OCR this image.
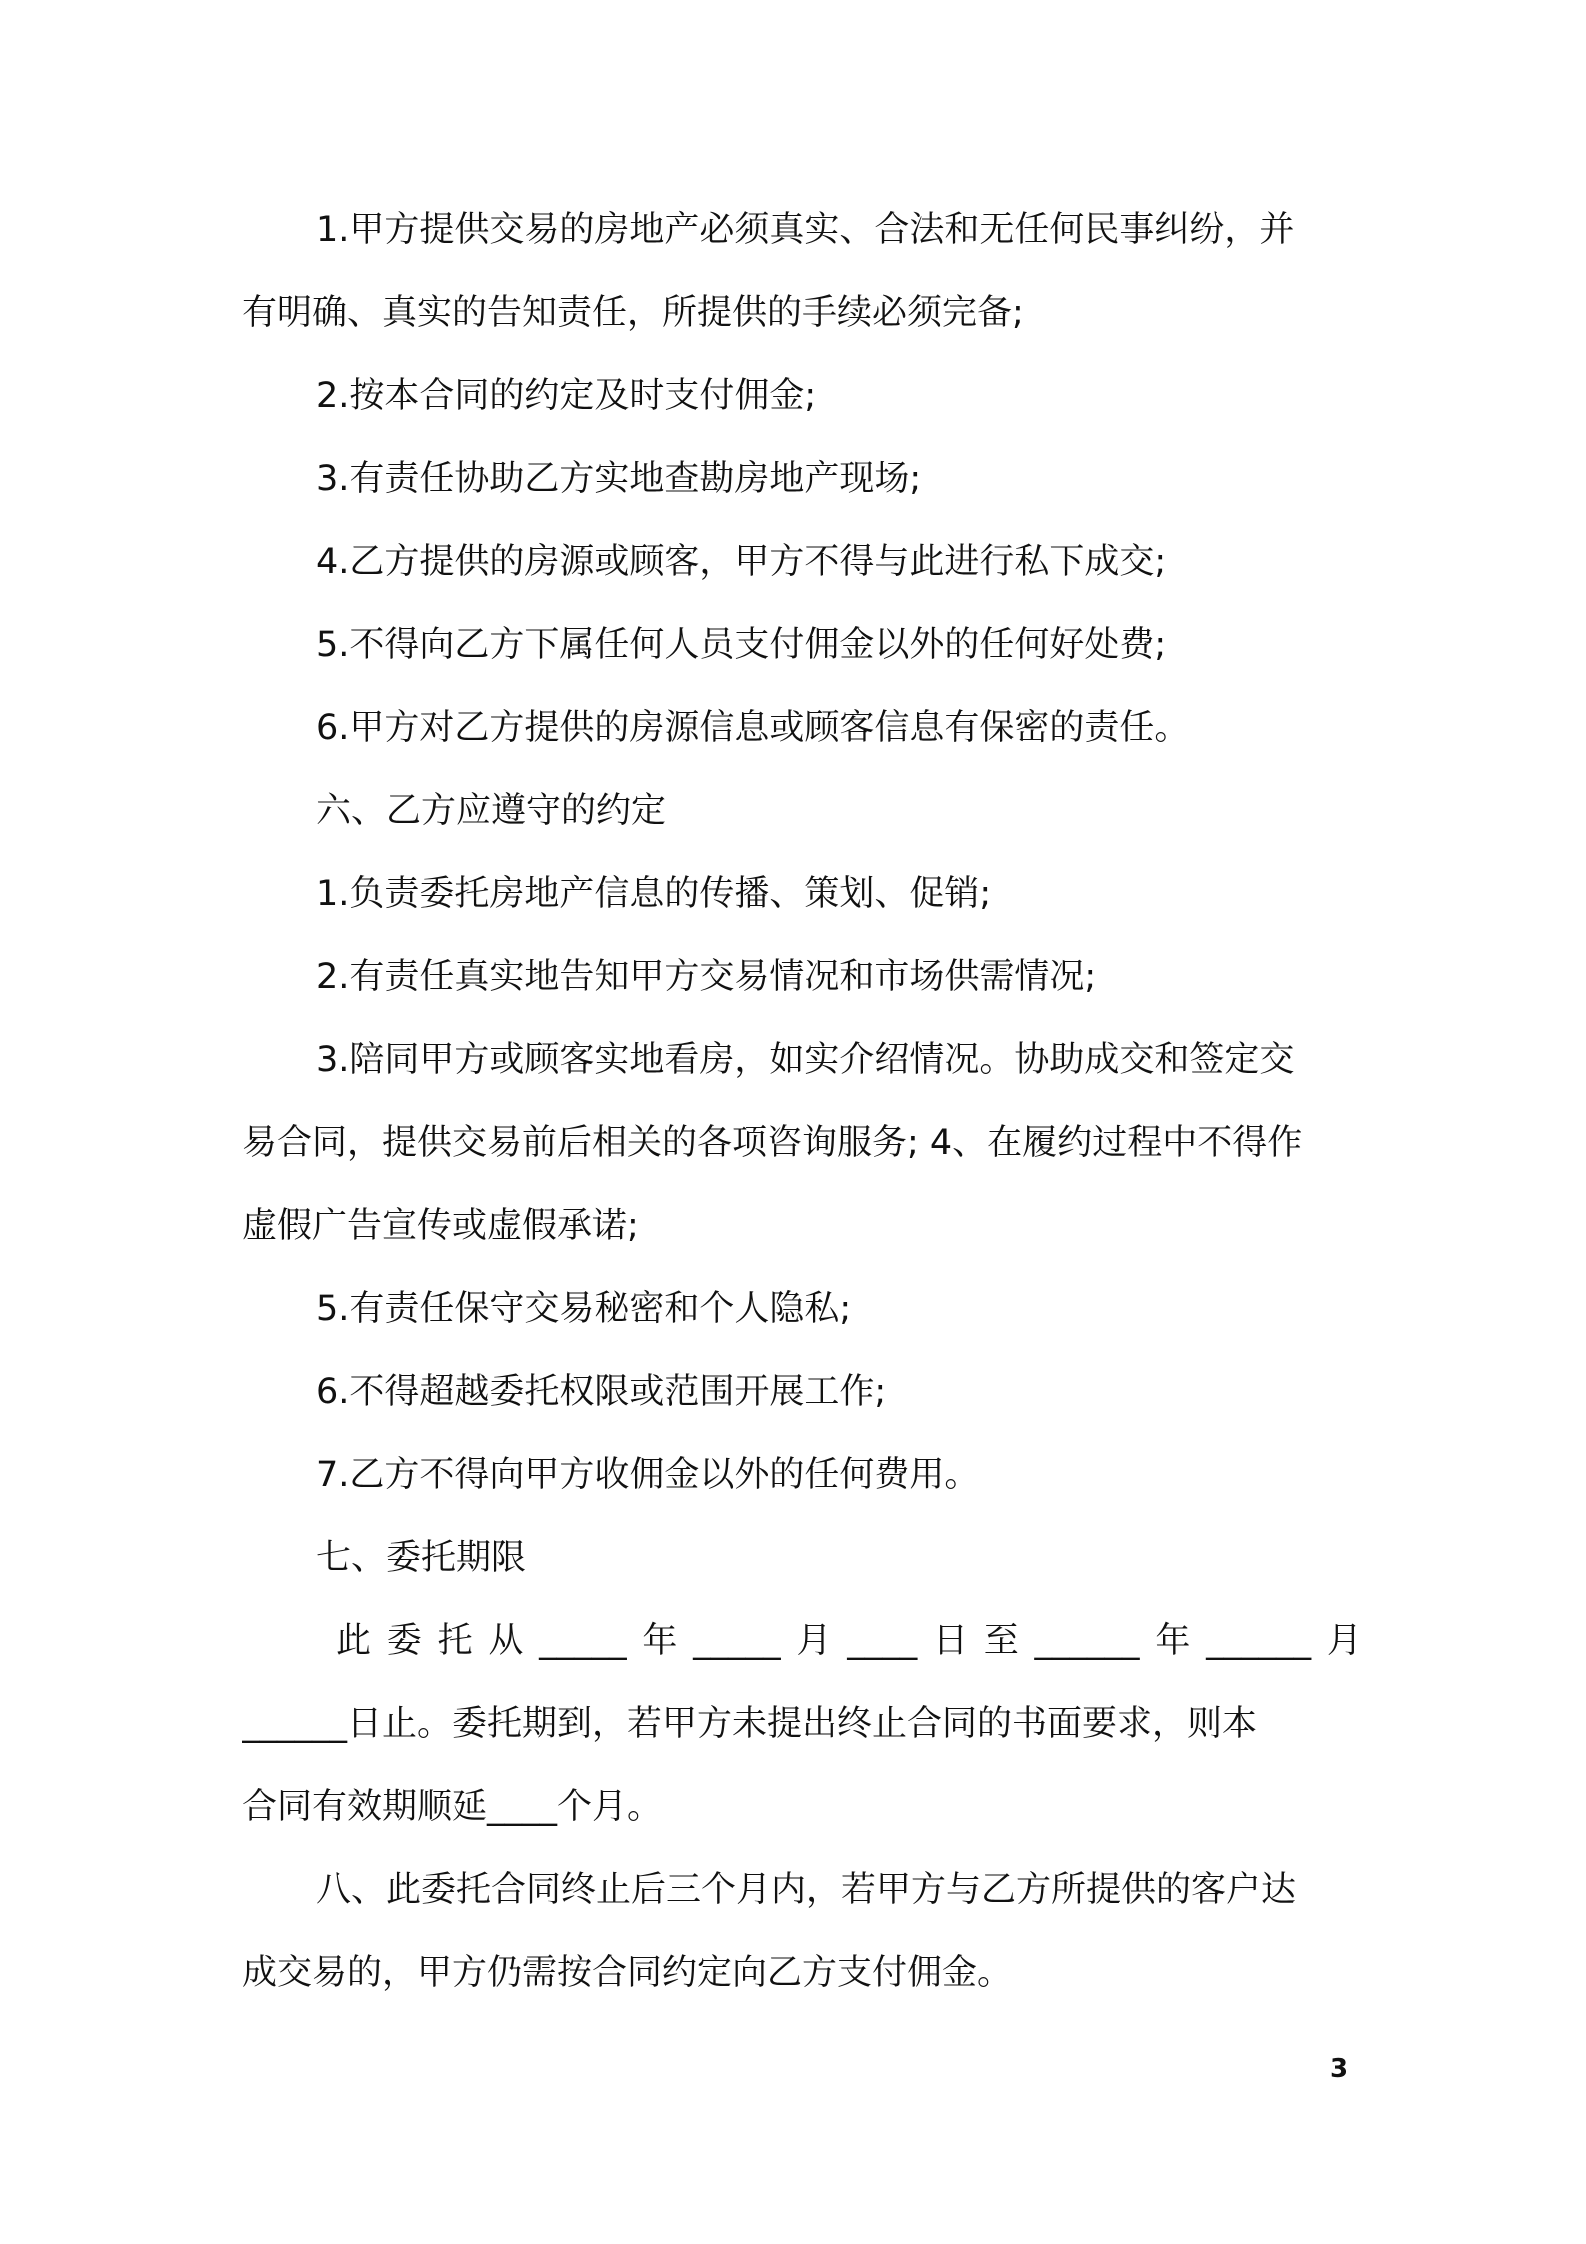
1.甲方提供交易的房地产必须真实、合法和无任何民事纠纷，并
有明确、真实的告知责任，所提供的手续必须完备;
2.按本合同的约定及时支付佣金;
3.有责任协助乙方实地查勘房地产现场;
4.乙方提供的房源或顾客，甲方不得与此进行私下成交;
5.不得向乙方下属任何人员支付佣金以外的任何好处费;
6.甲方对乙方提供的房源信息或顾客信息有保密的责任。
六、乙方应遵守的约定
1.负责委托房地产信息的传播、策划、促销;
2.有责任真实地告知甲方交易情况和市场供需情况;
3.陪同甲方或顾客实地看房，如实介绍情况。协助成交和签定交
易合同，提供交易前后相关的各项咨询服务; 4、在履约过程中不得作
虚假广告宣传或虚假承诺;
5.有责任保守交易秘密和个人隐私;
6.不得超越委托权限或范围开展工作;
7.乙方不得向甲方收佣金以外的任何费用。
七、委托期限
此 委 托 从 _____ 年 _____ 月 ____ 日 至 ______ 年 ______ 月
______日止。委托期到，若甲方未提出终止合同的书面要求，则本
合同有效期顺延____个月。
八、此委托合同终止后三个月内，若甲方与乙方所提供的客户达
成交易的，甲方仍需按合同约定向乙方支付佣金。
3
